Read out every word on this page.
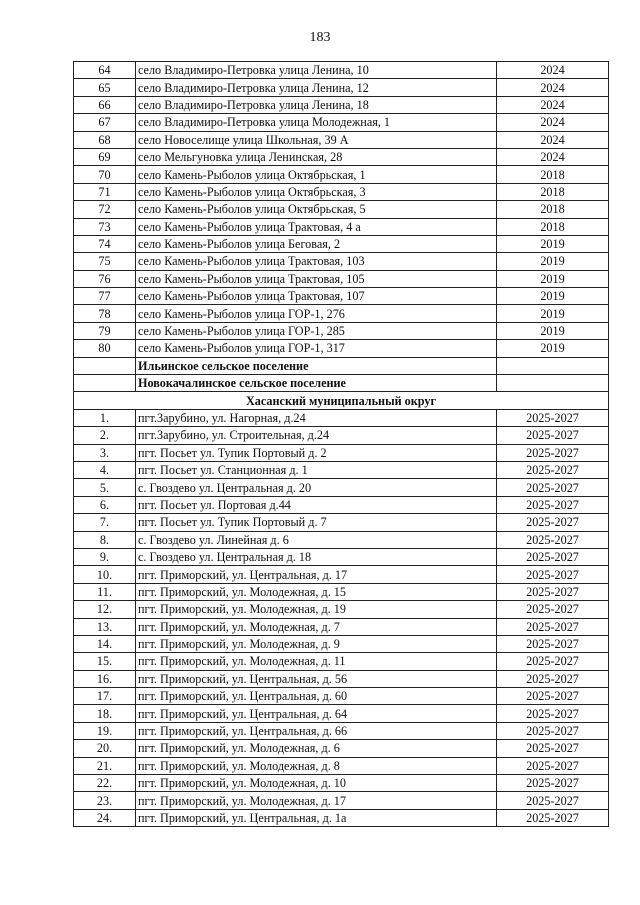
183
64	село Владимиро-Петровка улица Ленина, 10	2024
65	село Владимиро-Петровка улица Ленина, 12	2024
66	село Владимиро-Петровка улица Ленина, 18	2024
67	село Владимиро-Петровка улица Молодежная, 1	2024
68	село Новоселище улица Школьная, 39 А	2024
69	село Мельгуновка улица Ленинская, 28	2024
70	село Камень-Рыболов улица Октябрьская, 1	2018
71	село Камень-Рыболов улица Октябрьская, 3	2018
72	село Камень-Рыболов улица Октябрьская, 5	2018
73	село Камень-Рыболов улица Трактовая, 4 а	2018
74	село Камень-Рыболов улица Беговая, 2	2019
75	село Камень-Рыболов улица Трактовая, 103	2019
76	село Камень-Рыболов улица Трактовая, 105	2019
77	село Камень-Рыболов улица Трактовая, 107	2019
78	село Камень-Рыболов улица ГОР-1, 276	2019
79	село Камень-Рыболов улица ГОР-1, 285	2019
80	село Камень-Рыболов улица ГОР-1, 317	2019
	Ильинское сельское поселение	
	Новокачалинское сельское поселение	
Хасанский муниципальный округ		
1.	пгт.Зарубино, ул. Нагорная, д.24	2025-2027
2.	пгт.Зарубино, ул. Строительная, д.24	2025-2027
3.	пгт. Посьет ул. Тупик Портовый д. 2	2025-2027
4.	пгт. Посьет ул. Станционная д. 1	2025-2027
5.	с. Гвоздево ул. Центральная д. 20	2025-2027
6.	пгт. Посьет ул. Портовая д.44	2025-2027
7.	пгт. Посьет ул. Тупик Портовый д. 7	2025-2027
8.	с. Гвоздево ул. Линейная д. 6	2025-2027
9.	с. Гвоздево ул. Центральная д. 18	2025-2027
10.	пгт. Приморский, ул. Центральная, д. 17	2025-2027
11.	пгт. Приморский, ул. Молодежная, д. 15	2025-2027
12.	пгт. Приморский, ул. Молодежная, д. 19	2025-2027
13.	пгт. Приморский, ул. Молодежная, д. 7	2025-2027
14.	пгт. Приморский, ул. Молодежная, д. 9	2025-2027
15.	пгт. Приморский, ул. Молодежная, д. 11	2025-2027
16.	пгт. Приморский, ул. Центральная, д. 56	2025-2027
17.	пгт. Приморский, ул. Центральная, д. 60	2025-2027
18.	пгт. Приморский, ул. Центральная, д. 64	2025-2027
19.	пгт. Приморский, ул. Центральная, д. 66	2025-2027
20.	пгт. Приморский, ул. Молодежная, д. 6	2025-2027
21.	пгт. Приморский, ул. Молодежная, д. 8	2025-2027
22.	пгт. Приморский, ул. Молодежная, д. 10	2025-2027
23.	пгт. Приморский, ул. Молодежная, д. 17	2025-2027
24.	пгт. Приморский, ул. Центральная, д. 1а	2025-2027
